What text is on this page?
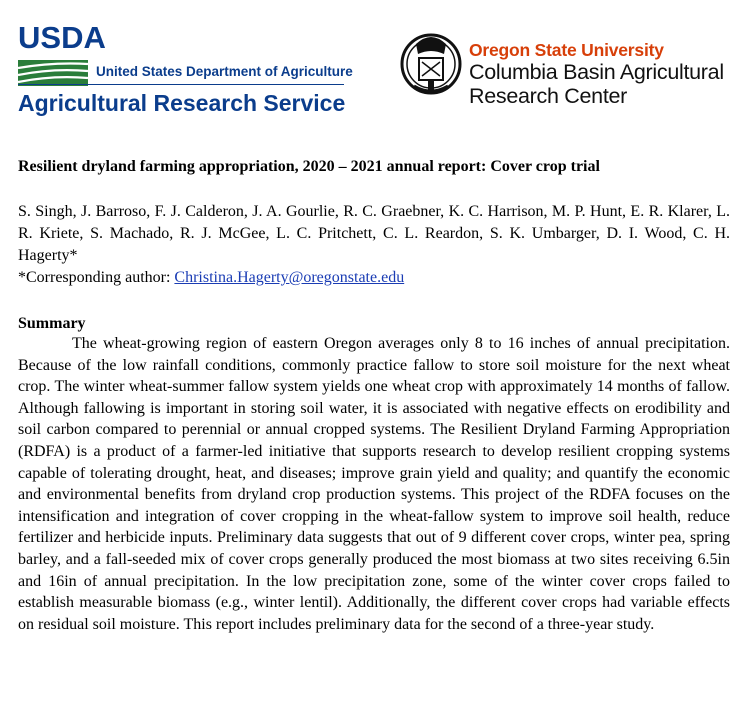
USDA
United States Department of Agriculture
Agricultural Research Service
Oregon State University
Columbia Basin Agricultural
Research Center
Resilient dryland farming appropriation, 2020 – 2021 annual report: Cover crop trial
S. Singh, J. Barroso, F. J. Calderon, J. A. Gourlie, R. C. Graebner, K. C. Harrison, M. P. Hunt, E. R. Klarer, L. R. Kriete, S. Machado, R. J. McGee, L. C. Pritchett, C. L. Reardon, S. K. Umbarger, D. I. Wood, C. H. Hagerty*
*Corresponding author: Christina.Hagerty@oregonstate.edu
Summary
The wheat-growing region of eastern Oregon averages only 8 to 16 inches of annual precipitation. Because of the low rainfall conditions, commonly practice fallow to store soil moisture for the next wheat crop. The winter wheat-summer fallow system yields one wheat crop with approximately 14 months of fallow. Although fallowing is important in storing soil water, it is associated with negative effects on erodibility and soil carbon compared to perennial or annual cropped systems. The Resilient Dryland Farming Appropriation (RDFA) is a product of a farmer-led initiative that supports research to develop resilient cropping systems capable of tolerating drought, heat, and diseases; improve grain yield and quality; and quantify the economic and environmental benefits from dryland crop production systems. This project of the RDFA focuses on the intensification and integration of cover cropping in the wheat-fallow system to improve soil health, reduce fertilizer and herbicide inputs. Preliminary data suggests that out of 9 different cover crops, winter pea, spring barley, and a fall-seeded mix of cover crops generally produced the most biomass at two sites receiving 6.5in and 16in of annual precipitation. In the low precipitation zone, some of the winter cover crops failed to establish measurable biomass (e.g., winter lentil). Additionally, the different cover crops had variable effects on residual soil moisture. This report includes preliminary data for the second of a three-year study.
